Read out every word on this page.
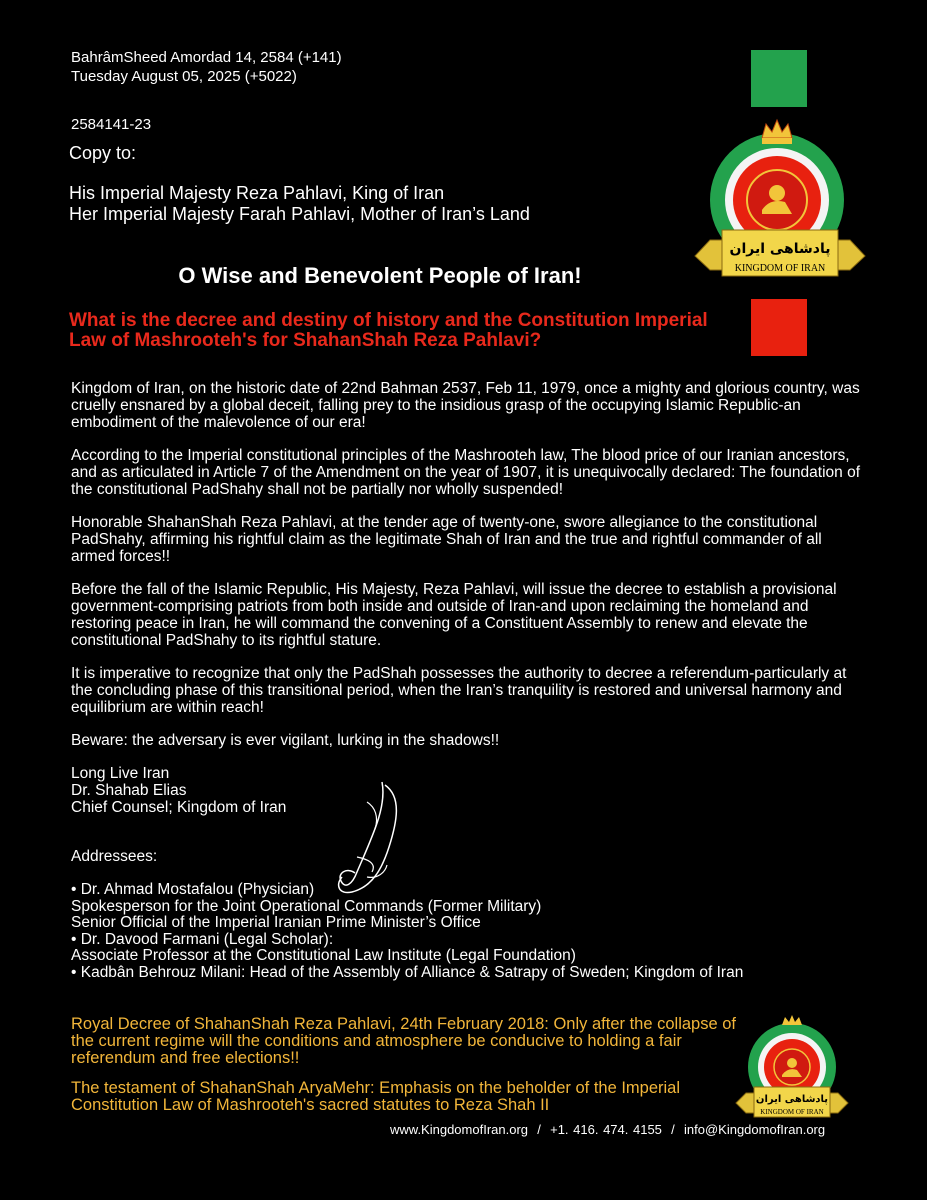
BahrâmSheed Amordad 14, 2584 (+141)
Tuesday August 05, 2025 (+5022)
2584141-23
Copy to:
His Imperial Majesty Reza Pahlavi, King of Iran
Her Imperial Majesty Farah Pahlavi, Mother of Iran’s Land
پادشاهی ایران
KINGDOM OF IRAN
O Wise and Benevolent People of Iran!
What is the decree and destiny of history and the Constitution Imperial Law of Mashrooteh's for ShahanShah Reza Pahlavi?

Kingdom of Iran, on the historic date of 22nd Bahman 2537, Feb 11, 1979, once a mighty and glorious country, was cruelly ensnared by a global deceit, falling prey to the insidious grasp of the occupying Islamic Republic-an embodiment of the malevolence of our era!

According to the Imperial constitutional principles of the Mashrooteh law, The blood price of our Iranian ancestors, and as articulated in Article 7 of the Amendment on the year of 1907, it is unequivocally declared: The foundation of the constitutional PadShahy shall not be partially nor wholly suspended!

Honorable ShahanShah Reza Pahlavi, at the tender age of twenty-one, swore allegiance to the constitutional PadShahy, affirming his rightful claim as the legitimate Shah of Iran and the true and rightful commander of all armed forces!!

Before the fall of the Islamic Republic, His Majesty, Reza Pahlavi, will issue the decree to establish a provisional government-comprising patriots from both inside and outside of Iran-and upon reclaiming the homeland and restoring peace in Iran, he will command the convening of a Constituent Assembly to renew and elevate the constitutional PadShahy to its rightful stature.

It is imperative to recognize that only the PadShah possesses the authority to decree a referendum-particularly at the concluding phase of this transitional period, when the Iran’s tranquility is restored and universal harmony and equilibrium are within reach!

Beware: the adversary is ever vigilant, lurking in the shadows!!

Long Live Iran
Dr. Shahab Elias
Chief Counsel; Kingdom of Iran
Addressees:
• Dr. Ahmad Mostafalou (Physician)
Spokesperson for the Joint Operational Commands (Former Military)
Senior Official of the Imperial Iranian Prime Minister’s Office
• Dr. Davood Farmani (Legal Scholar):
Associate Professor at the Constitutional Law Institute (Legal Foundation)
• Kadbân Behrouz Milani: Head of the Assembly of Alliance & Satrapy of Sweden; Kingdom of Iran
Royal Decree of ShahanShah Reza Pahlavi, 24th February 2018: Only after the collapse of the current regime will the conditions and atmosphere be conducive to holding a fair referendum and free elections!!
The testament of ShahanShah AryaMehr: Emphasis on the beholder of the Imperial Constitution Law of Mashrooteh's sacred statutes to Reza Shah II	پادشاهی ایران
KINGDOM OF IRAN
www.KingdomofIran.org  /  +1. 416. 474. 4155  /  info@KingdomofIran.org
